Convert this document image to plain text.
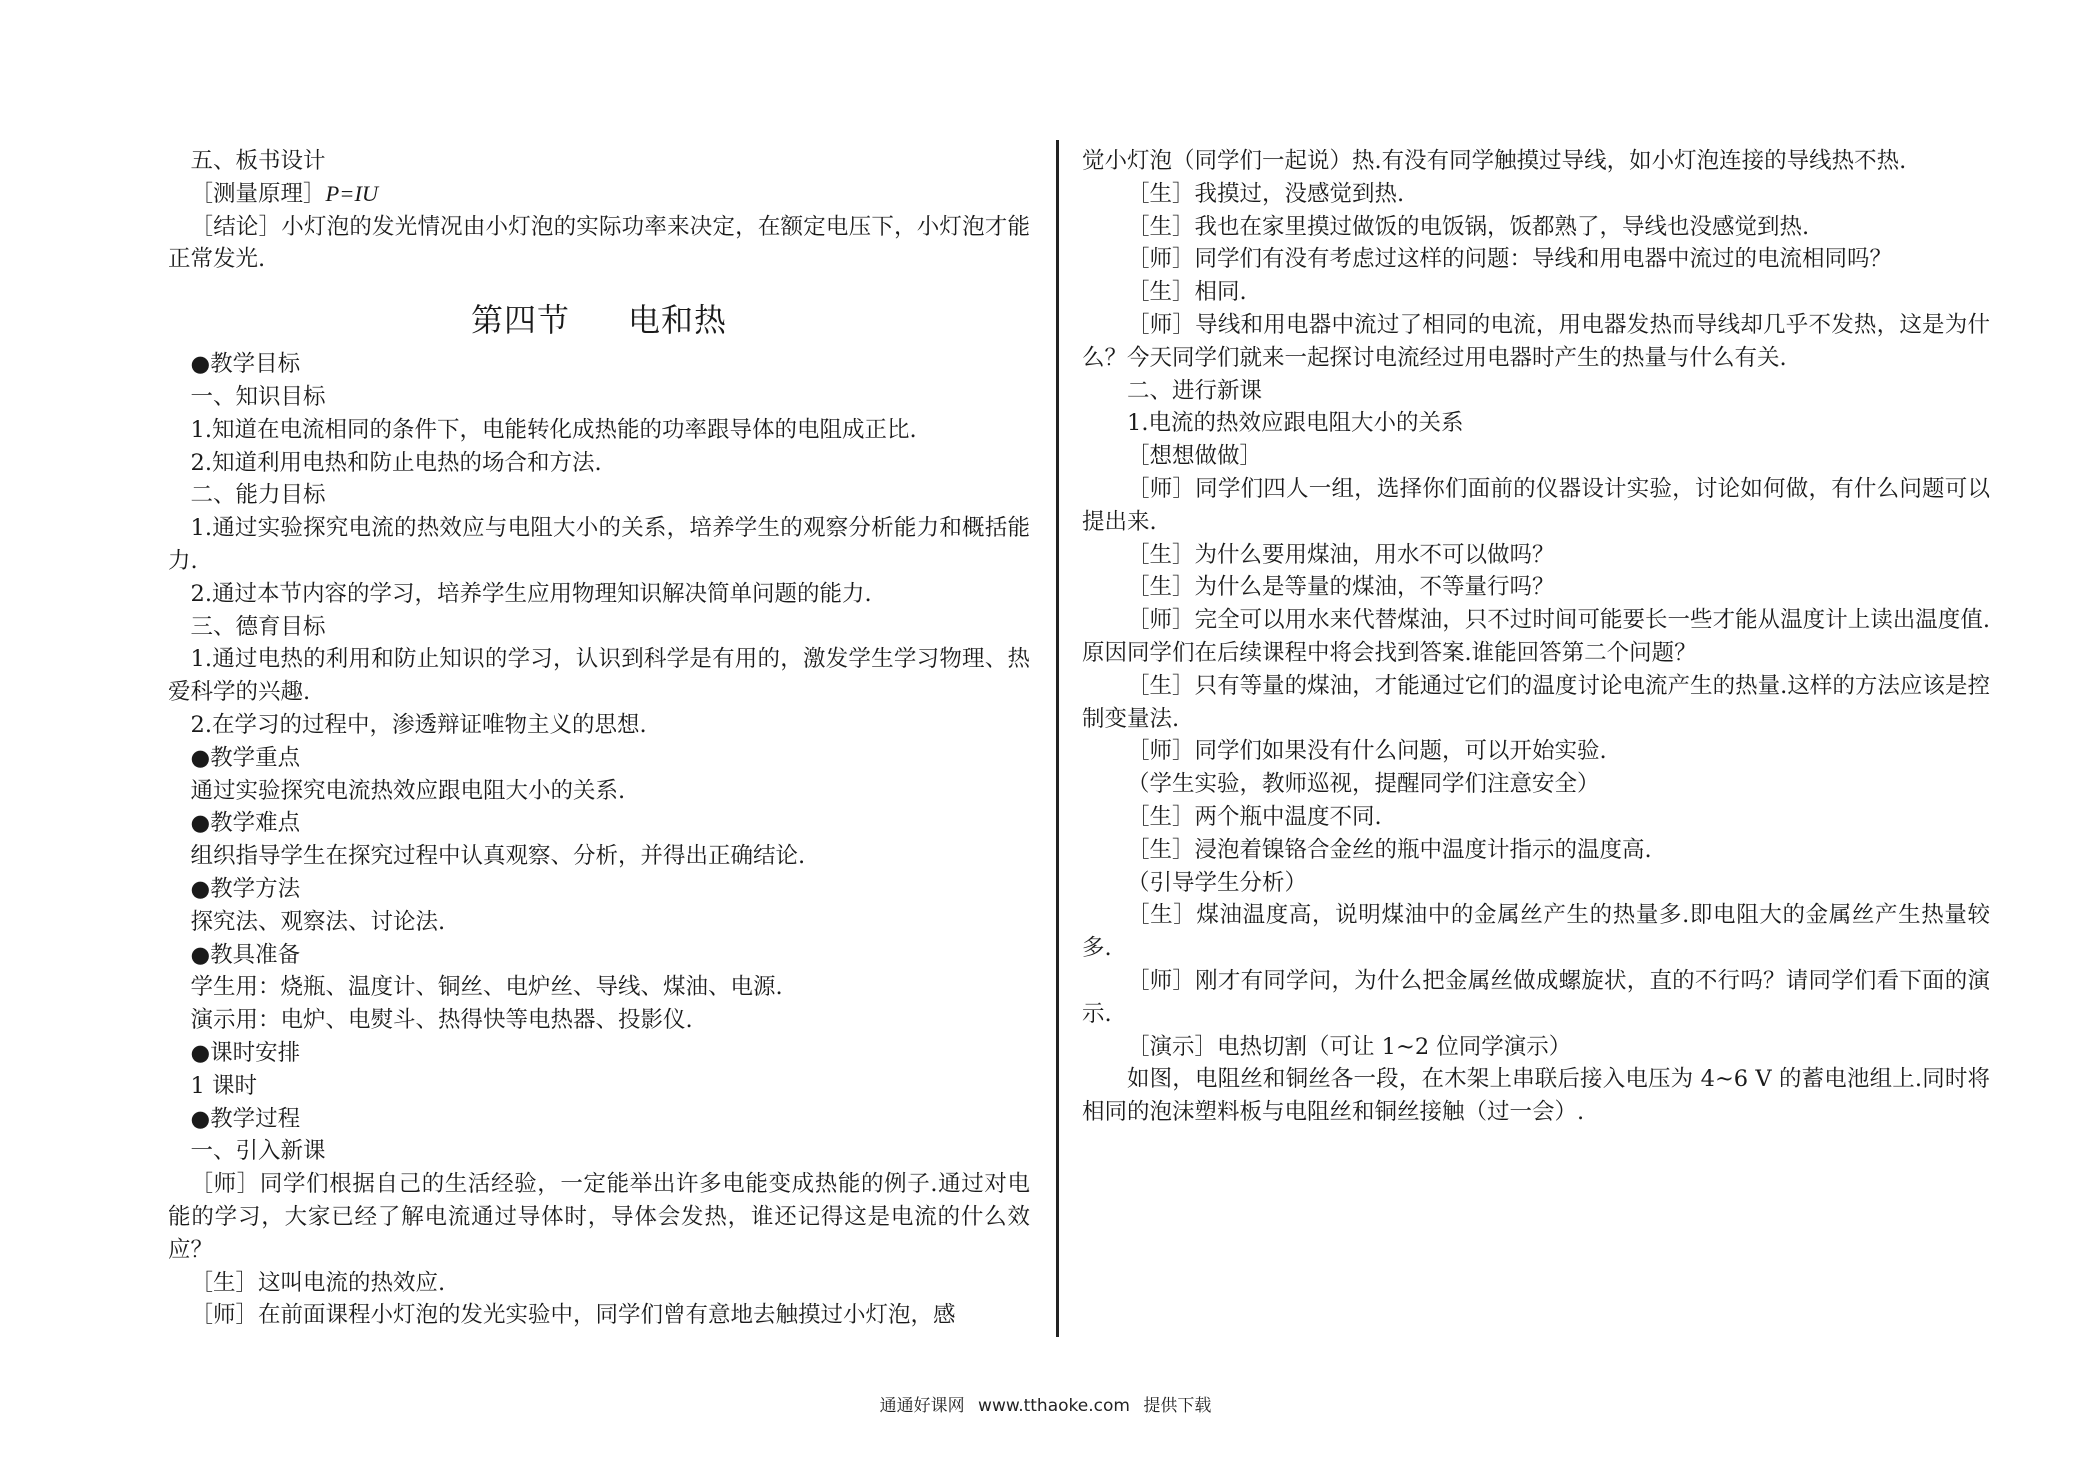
五、板书设计

［测量原理］P=IU

［结论］小灯泡的发光情况由小灯泡的实际功率来决定，在额定电压下，小灯泡才能正常发光.

第四节 电和热

●教学目标

一、知识目标

1.知道在电流相同的条件下，电能转化成热能的功率跟导体的电阻成正比.

2.知道利用电热和防止电热的场合和方法.

二、能力目标

1.通过实验探究电流的热效应与电阻大小的关系，培养学生的观察分析能力和概括能力.

2.通过本节内容的学习，培养学生应用物理知识解决简单问题的能力.

三、德育目标

1.通过电热的利用和防止知识的学习，认识到科学是有用的，激发学生学习物理、热爱科学的兴趣.

2.在学习的过程中，渗透辩证唯物主义的思想.

●教学重点

通过实验探究电流热效应跟电阻大小的关系.

●教学难点

组织指导学生在探究过程中认真观察、分析，并得出正确结论.

●教学方法

探究法、观察法、讨论法.

●教具准备

学生用：烧瓶、温度计、铜丝、电炉丝、导线、煤油、电源.

演示用：电炉、电熨斗、热得快等电热器、投影仪.

●课时安排

1 课时

●教学过程

一、引入新课

［师］同学们根据自己的生活经验，一定能举出许多电能变成热能的例子.通过对电能的学习，大家已经了解电流通过导体时，导体会发热，谁还记得这是电流的什么效应？

［生］这叫电流的热效应.

［师］在前面课程小灯泡的发光实验中，同学们曾有意地去触摸过小灯泡，感

觉小灯泡（同学们一起说）热.有没有同学触摸过导线，如小灯泡连接的导线热不热.

［生］我摸过，没感觉到热.

［生］我也在家里摸过做饭的电饭锅，饭都熟了，导线也没感觉到热.

［师］同学们有没有考虑过这样的问题：导线和用电器中流过的电流相同吗？

［生］相同.

［师］导线和用电器中流过了相同的电流，用电器发热而导线却几乎不发热，这是为什么？今天同学们就来一起探讨电流经过用电器时产生的热量与什么有关.

二、进行新课

1.电流的热效应跟电阻大小的关系

［想想做做］

［师］同学们四人一组，选择你们面前的仪器设计实验，讨论如何做，有什么问题可以提出来.

［生］为什么要用煤油，用水不可以做吗？

［生］为什么是等量的煤油，不等量行吗？

［师］完全可以用水来代替煤油，只不过时间可能要长一些才能从温度计上读出温度值.原因同学们在后续课程中将会找到答案.谁能回答第二个问题？

［生］只有等量的煤油，才能通过它们的温度讨论电流产生的热量.这样的方法应该是控制变量法.

［师］同学们如果没有什么问题，可以开始实验.

（学生实验，教师巡视，提醒同学们注意安全）

［生］两个瓶中温度不同.

［生］浸泡着镍铬合金丝的瓶中温度计指示的温度高.

（引导学生分析）

［生］煤油温度高，说明煤油中的金属丝产生的热量多.即电阻大的金属丝产生热量较多.

［师］刚才有同学问，为什么把金属丝做成螺旋状，直的不行吗？请同学们看下面的演示.

［演示］电热切割（可让 1~2 位同学演示）

如图，电阻丝和铜丝各一段，在木架上串联后接入电压为 4~6 V 的蓄电池组上.同时将相同的泡沫塑料板与电阻丝和铜丝接触（过一会）.

通通好课网 www.tthaoke.com 提供下载
